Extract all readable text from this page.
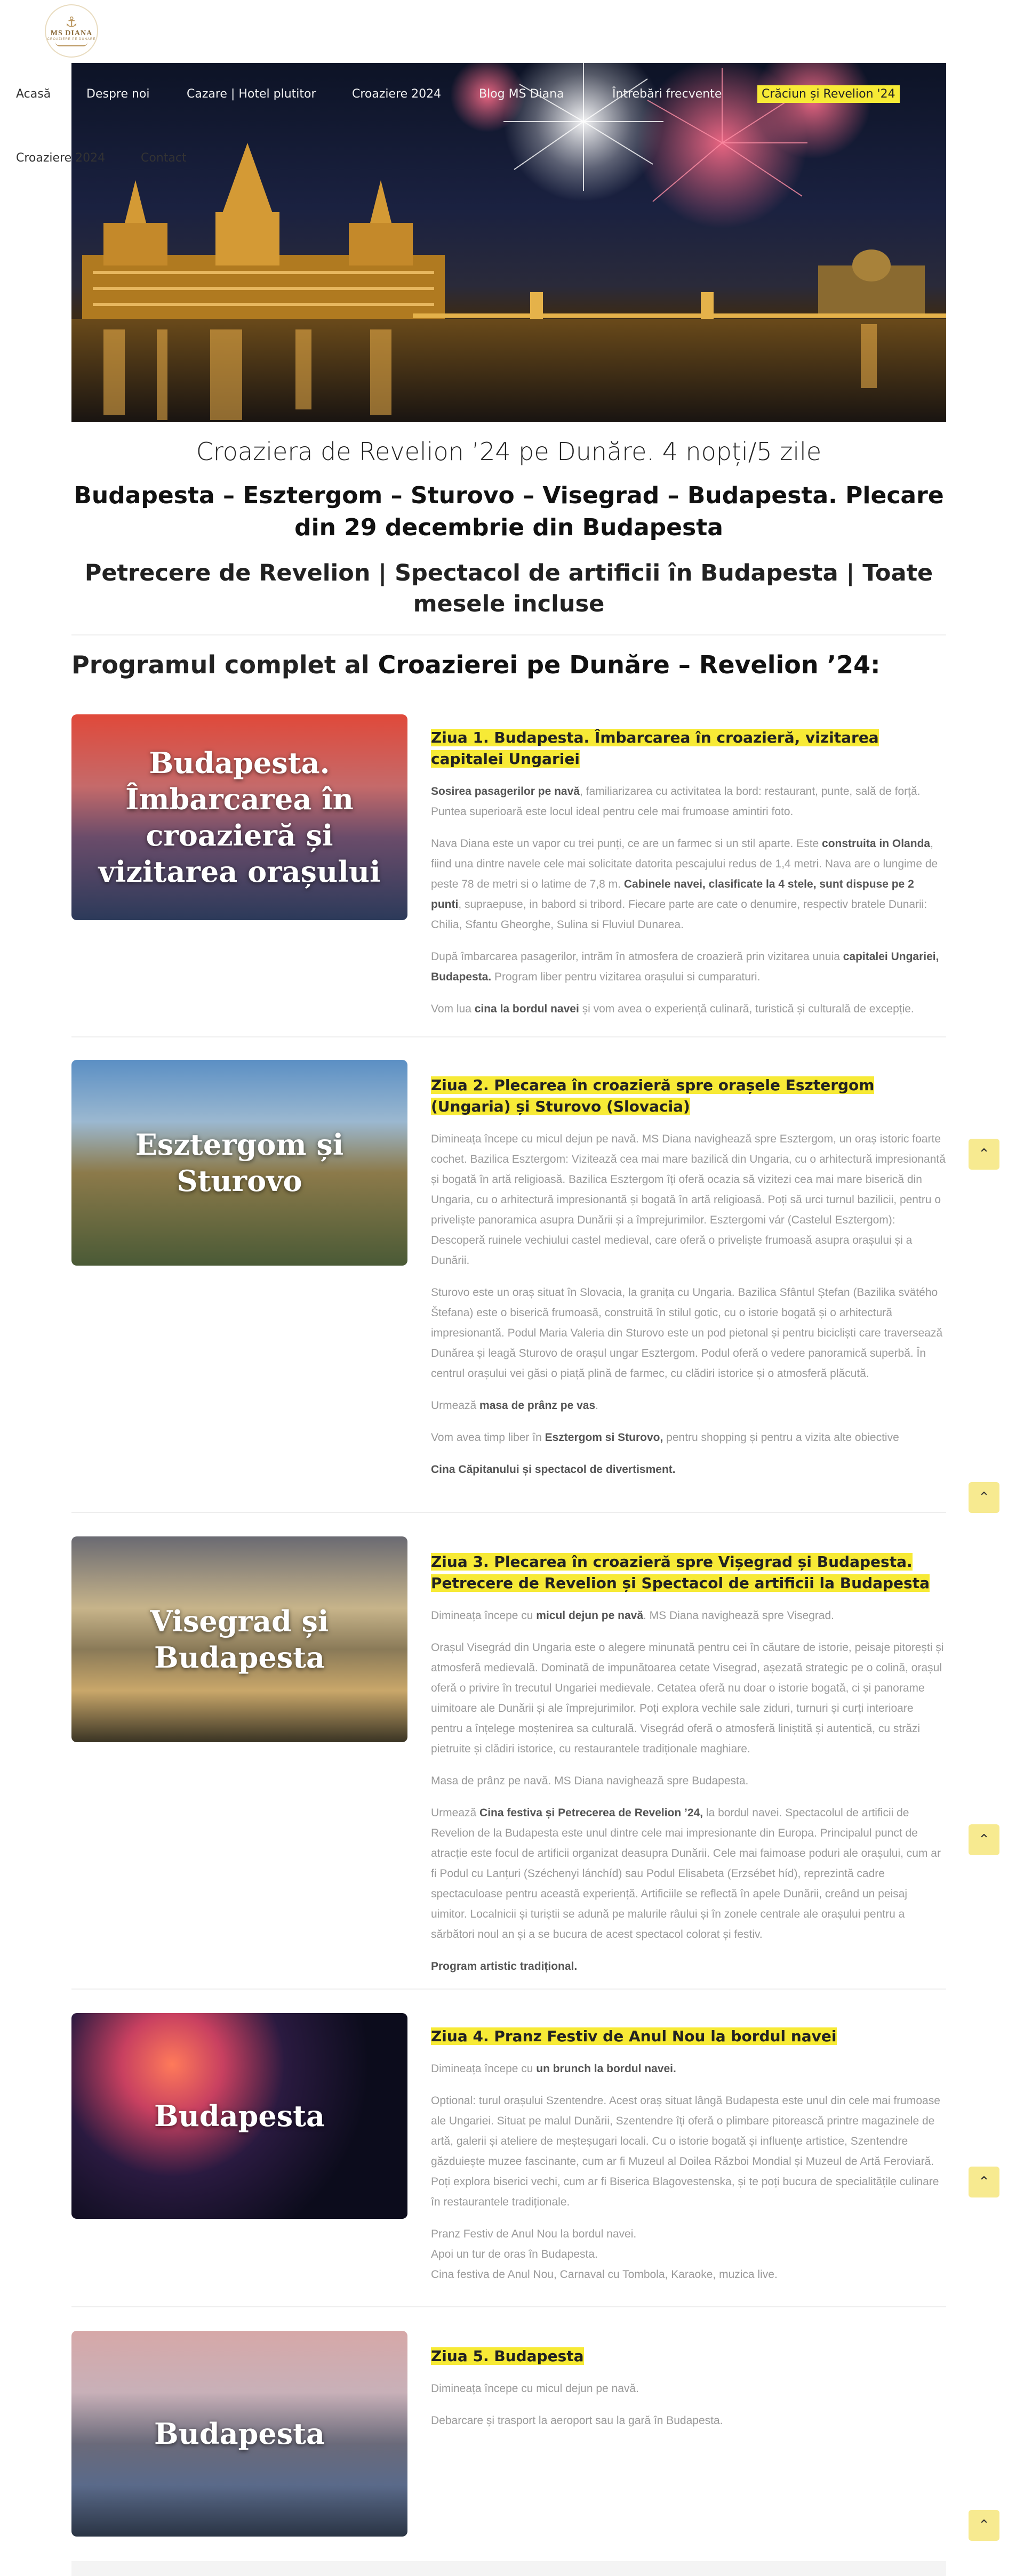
⚓
MS DIANA
CROAZIERE PE DUNĂRE
Acasă	Despre noi	Cazare | Hotel plutitor	Croaziere 2024	Blog MS Diana	Întrebări frecvente	Crăciun și Revelion '24
Croaziere 2024	Contact
Croaziera de Revelion ’24 pe Dunăre. 4 nopți/5 zile
Budapesta – Esztergom – Sturovo – Visegrad – Budapesta. Plecare din 29 decembrie din Budapesta
Petrecere de Revelion | Spectacol de artificii în Budapesta | Toate mesele incluse
Programul complet al Croazierei pe Dunăre – Revelion ’24:
Budapesta. Îmbarcarea în croazieră și vizitarea orașului
Ziua 1. Budapesta. Îmbarcarea în croazieră, vizitarea capitalei Ungariei

Sosirea pasagerilor pe navă, familiarizarea cu activitatea la bord: restaurant, punte, sală de forță. Puntea superioară este locul ideal pentru cele mai frumoase amintiri foto.

Nava Diana este un vapor cu trei punți, ce are un farmec si un stil aparte. Este construita in Olanda, fiind una dintre navele cele mai solicitate datorita pescajului redus de 1,4 metri. Nava are o lungime de peste 78 de metri si o latime de 7,8 m. Cabinele navei, clasificate la 4 stele, sunt dispuse pe 2 punti, supraepuse, in babord si tribord. Fiecare parte are cate o denumire, respectiv bratele Dunarii: Chilia, Sfantu Gheorghe, Sulina si Fluviul Dunarea.

După îmbarcarea pasagerilor, intrăm în atmosfera de croazieră prin vizitarea unuia capitalei Ungariei, Budapesta. Program liber pentru vizitarea orașului si cumparaturi.

Vom lua cina la bordul navei și vom avea o experiență culinară, turistică și culturală de excepție.

Esztergom și Sturovo
Ziua 2. Plecarea în croazieră spre orașele Esztergom (Ungaria) și Sturovo (Slovacia)

Dimineața începe cu micul dejun pe navă. MS Diana navighează spre Esztergom, un oraș istoric foarte cochet. Bazilica Esztergom: Vizitează cea mai mare bazilică din Ungaria, cu o arhitectură impresionantă și bogată în artă religioasă. Bazilica Esztergom îți oferă ocazia să vizitezi cea mai mare biserică din Ungaria, cu o arhitectură impresionantă și bogată în artă religioasă. Poți să urci turnul bazilicii, pentru o priveliște panoramica asupra Dunării și a împrejurimilor. Esztergomi vár (Castelul Esztergom): Descoperă ruinele vechiului castel medieval, care oferă o priveliște frumoasă asupra orașului și a Dunării.

Sturovo este un oraș situat în Slovacia, la granița cu Ungaria. Bazilica Sfântul Ștefan (Bazilika svätého Štefana) este o biserică frumoasă, construită în stilul gotic, cu o istorie bogată și o arhitectură impresionantă. Podul Maria Valeria din Sturovo este un pod pietonal și pentru bicicliști care traversează Dunărea și leagă Sturovo de orașul ungar Esztergom. Podul oferă o vedere panoramică superbă. În centrul orașului vei găsi o piață plină de farmec, cu clădiri istorice și o atmosferă plăcută.

Urmează masa de prânz pe vas.

Vom avea timp liber în Esztergom si Sturovo, pentru shopping și pentru a vizita alte obiective

Cina Căpitanului și spectacol de divertisment.

Visegrad și Budapesta
Ziua 3. Plecarea în croazieră spre Vișegrad și Budapesta. Petrecere de Revelion și Spectacol de artificii la Budapesta

Dimineața începe cu micul dejun pe navă. MS Diana navighează spre Visegrad.

Orașul Visegrád din Ungaria este o alegere minunată pentru cei în căutare de istorie, peisaje pitorești și atmosferă medievală. Dominată de impunătoarea cetate Visegrad, așezată strategic pe o colină, orașul oferă o privire în trecutul Ungariei medievale. Cetatea oferă nu doar o istorie bogată, ci și panorame uimitoare ale Dunării și ale împrejurimilor. Poți explora vechile sale ziduri, turnuri și curți interioare pentru a înțelege moștenirea sa culturală. Visegrád oferă o atmosferă liniștită și autentică, cu străzi pietruite și clădiri istorice, cu restaurantele tradiționale maghiare.

Masa de prânz pe navă. MS Diana navighează spre Budapesta.

Urmează Cina festiva și Petrecerea de Revelion ’24, la bordul navei. Spectacolul de artificii de Revelion de la Budapesta este unul dintre cele mai impresionante din Europa. Principalul punct de atracție este focul de artificii organizat deasupra Dunării. Cele mai faimoase poduri ale orașului, cum ar fi Podul cu Lanțuri (Széchenyi lánchíd) sau Podul Elisabeta (Erzsébet híd), reprezintă cadre spectaculoase pentru această experiență. Artificiile se reflectă în apele Dunării, creând un peisaj uimitor. Localnicii și turiștii se adună pe malurile râului și în zonele centrale ale orașului pentru a sărbători noul an și a se bucura de acest spectacol colorat și festiv.

Program artistic tradițional.

Budapesta
Ziua 4. Pranz Festiv de Anul Nou la bordul navei

Dimineața începe cu un brunch la bordul navei.

Optional: turul orașului Szentendre. Acest oraș situat lângă Budapesta este unul din cele mai frumoase ale Ungariei. Situat pe malul Dunării, Szentendre îți oferă o plimbare pitorească printre magazinele de artă, galerii și ateliere de meșteșugari locali. Cu o istorie bogată și influențe artistice, Szentendre găzduiește muzee fascinante, cum ar fi Muzeul al Doilea Război Mondial și Muzeul de Artă Feroviară. Poți explora biserici vechi, cum ar fi Biserica Blagovestenska, și te poți bucura de specialitățile culinare în restaurantele tradiționale.

Pranz Festiv de Anul Nou la bordul navei.
Apoi un tur de oras în Budapesta.
Cina festiva de Anul Nou, Carnaval cu Tombola, Karaoke, muzica live.

Budapesta
Ziua 5. Budapesta

Dimineața începe cu micul dejun pe navă.

Debarcare și trasport la aeroport sau la gară în Budapesta.

⌃
⌃
⌃
⌃
⌃
